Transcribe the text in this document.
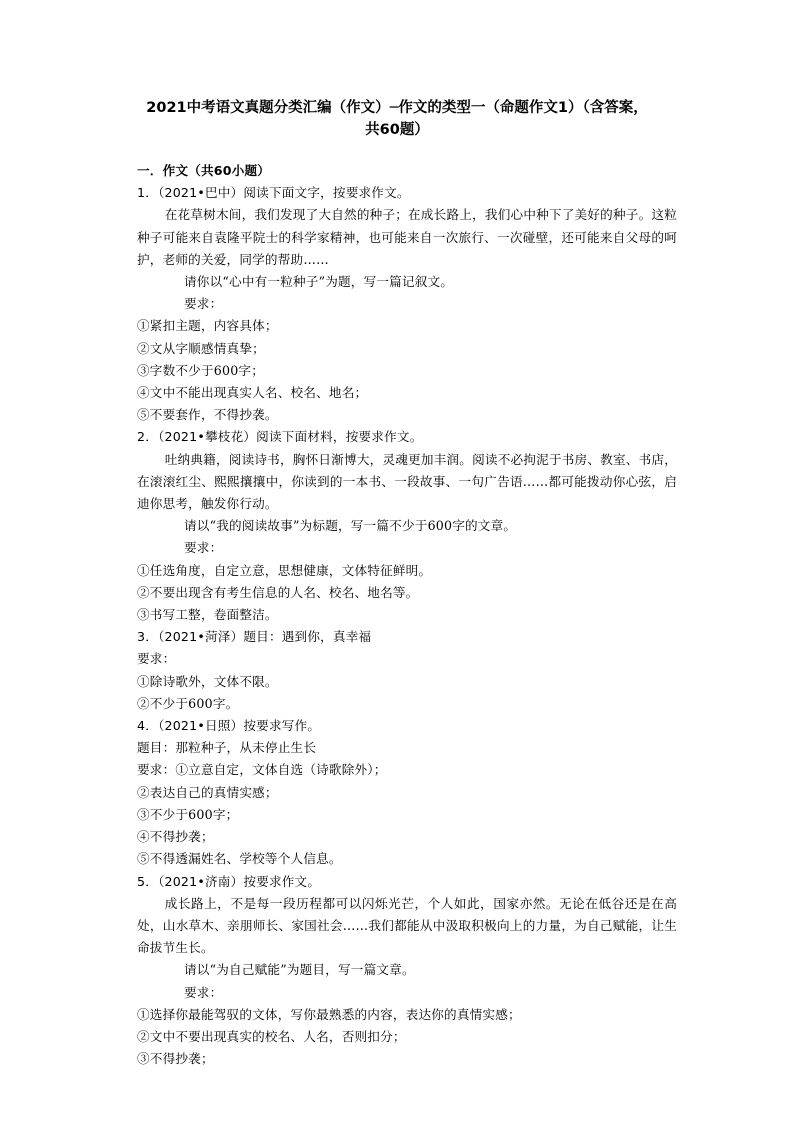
2021中考语文真题分类汇编（作文）─作文的类型一（命题作文1）（含答案，
共60题）
一．作文（共60小题）
1．（2021•巴中）阅读下面文字，按要求作文。
在花草树木间，我们发现了大自然的种子；在成长路上，我们心中种下了美好的种子。这粒种子可能来自袁隆平院士的科学家精神，也可能来自一次旅行、一次碰壁，还可能来自父母的呵护，老师的关爱，同学的帮助……
请你以“心中有一粒种子”为题，写一篇记叙文。
要求：
①紧扣主题，内容具体；
②文从字顺感情真挚；
③字数不少于600字；
④文中不能出现真实人名、校名、地名；
⑤不要套作，不得抄袭。
2．（2021•攀枝花）阅读下面材料，按要求作文。
吐纳典籍，阅读诗书，胸怀日渐博大，灵魂更加丰润。阅读不必拘泥于书房、教室、书店，在滚滚红尘、熙熙攘攘中，你读到的一本书、一段故事、一句广告语……都可能拨动你心弦，启迪你思考，触发你行动。
请以“我的阅读故事”为标题，写一篇不少于600字的文章。
要求：
①任选角度，自定立意，思想健康，文体特征鲜明。
②不要出现含有考生信息的人名、校名、地名等。
③书写工整，卷面整洁。
3．（2021•菏泽）题目：遇到你，真幸福
要求：
①除诗歌外，文体不限。
②不少于600字。
4．（2021•日照）按要求写作。
题目：那粒种子，从未停止生长
要求：①立意自定，文体自选（诗歌除外）；
②表达自己的真情实感；
③不少于600字；
④不得抄袭；
⑤不得透漏姓名、学校等个人信息。
5．（2021•济南）按要求作文。
成长路上，不是每一段历程都可以闪烁光芒，个人如此，国家亦然。无论在低谷还是在高处，山水草木、亲朋师长、家国社会……我们都能从中汲取积极向上的力量，为自己赋能，让生命拔节生长。
请以“为自己赋能”为题目，写一篇文章。
要求：
①选择你最能驾驭的文体，写你最熟悉的内容，表达你的真情实感；
②文中不要出现真实的校名、人名，否则扣分；
③不得抄袭；
